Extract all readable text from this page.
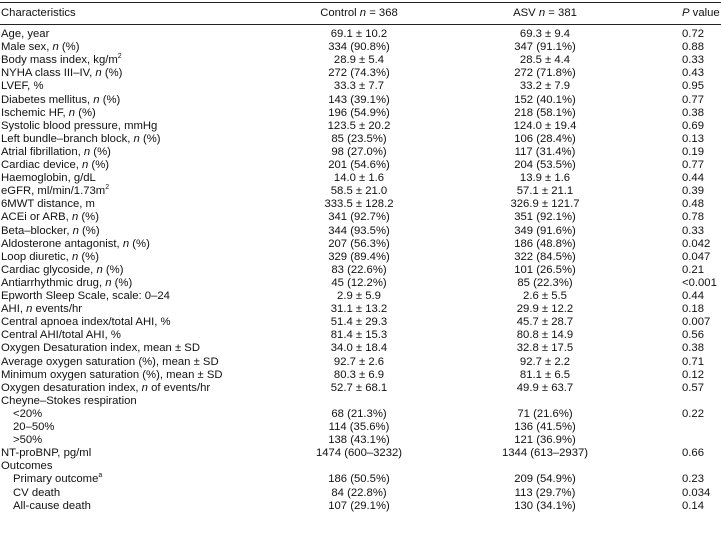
Characteristics	Control n = 368	ASV n = 381	P value
Age, year	69.1 ± 10.2	69.3 ± 9.4	0.72
Male sex, n (%)	334 (90.8%)	347 (91.1%)	0.88
Body mass index, $kg/m^2$	28.9 ± 5.4	28.5 ± 4.4	0.33
NYHA class III–IV, n (%)	272 (74.3%)	272 (71.8%)	0.43
LVEF, %	33.3 ± 7.7	33.2 ± 7.9	0.95
Diabetes mellitus, n (%)	143 (39.1%)	152 (40.1%)	0.77
Ischemic HF, n (%)	196 (54.9%)	218 (58.1%)	0.38
Systolic blood pressure, mmHg	123.5 ± 20.2	124.0 ± 19.4	0.69
Left bundle–branch block, n (%)	85 (23.5%)	106 (28.4%)	0.13
Atrial fibrillation, n (%)	98 (27.0%)	117 (31.4%)	0.19
Cardiac device, n (%)	201 (54.6%)	204 (53.5%)	0.77
Haemoglobin, g/dL	14.0 ± 1.6	13.9 ± 1.6	0.44
eGFR, $ml/\min/1.73m^2$	58.5 ± 21.0	57.1 ± 21.1	0.39
6MWT distance, m	333.5 ± 128.2	326.9 ± 121.7	0.48
ACEi or ARB, n (%)	341 (92.7%)	351 (92.1%)	0.78
Beta–blocker, n (%)	344 (93.5%)	349 (91.6%)	0.33
Aldosterone antagonist, n (%)	207 (56.3%)	186 (48.8%)	0.042
Loop diuretic, n (%)	329 (89.4%)	322 (84.5%)	0.047
Cardiac glycoside, n (%)	83 (22.6%)	101 (26.5%)	0.21
Antiarrhythmic drug, n (%)	45 (12.2%)	85 (22.3%)	<0.001
Epworth Sleep Scale, scale: 0–24	2.9 ± 5.9	2.6 ± 5.5	0.44
AHI, n events/hr	31.1 ± 13.2	29.9 ± 12.2	0.18
Central apnoea index/total AHI, %	51.4 ± 29.3	45.7 ± 28.7	0.007
Central AHI/total AHI, %	81.4 ± 15.3	80.8 ± 14.9	0.56
Oxygen Desaturation index, mean ± SD	34.0 ± 18.4	32.8 ± 17.5	0.38
Average oxygen saturation (%), mean ± SD	92.7 ± 2.6	92.7 ± 2.2	0.71
Minimum oxygen saturation (%), mean ± SD	80.3 ± 6.9	81.1 ± 6.5	0.12
Oxygen desaturation index, n of events/hr	52.7 ± 68.1	49.9 ± 63.7	0.57
Cheyne–Stokes respiration
<20%	68 (21.3%)	71 (21.6%)	0.22
20–50%	114 (35.6%)	136 (41.5%)
>50%	138 (43.1%)	121 (36.9%)
NT-proBNP, pg/ml	1474 (600–3232)	1344 (613–2937)	0.66
Outcomes
Primary outcome$^a$	186 (50.5%)	209 (54.9%)	0.23
CV death	84 (22.8%)	113 (29.7%)	0.034
All-cause death	107 (29.1%)	130 (34.1%)	0.14
